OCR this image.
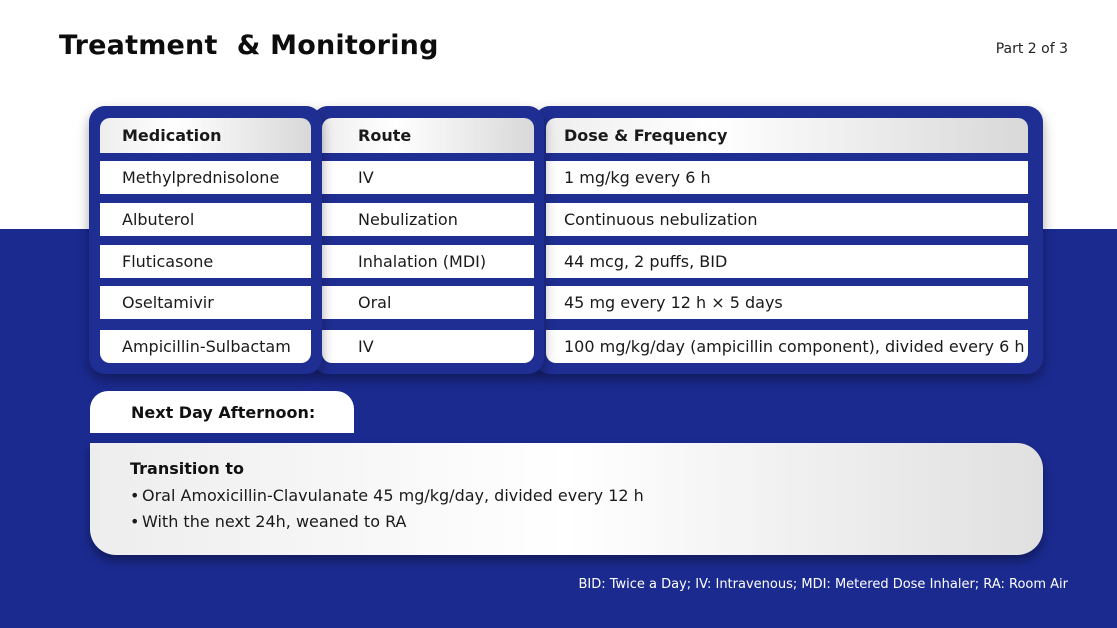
Treatment  & Monitoring	Part 2 of 3
Medication
Methylprednisolone
Albuterol
Fluticasone
Oseltamivir
Ampicillin-Sulbactam
Route
IV
Nebulization
Inhalation (MDI)
Oral
IV
Dose & Frequency
1 mg/kg every 6 h
Continuous nebulization
44 mcg, 2 puffs, BID
45 mg every 12 h × 5 days
100 mg/kg/day (ampicillin component), divided every 6 h
Next Day Afternoon:
Transition to
• Oral Amoxicillin-Clavulanate 45 mg/kg/day, divided every 12 h
• With the next 24h, weaned to RA
BID: Twice a Day; IV: Intravenous; MDI: Metered Dose Inhaler; RA: Room Air
